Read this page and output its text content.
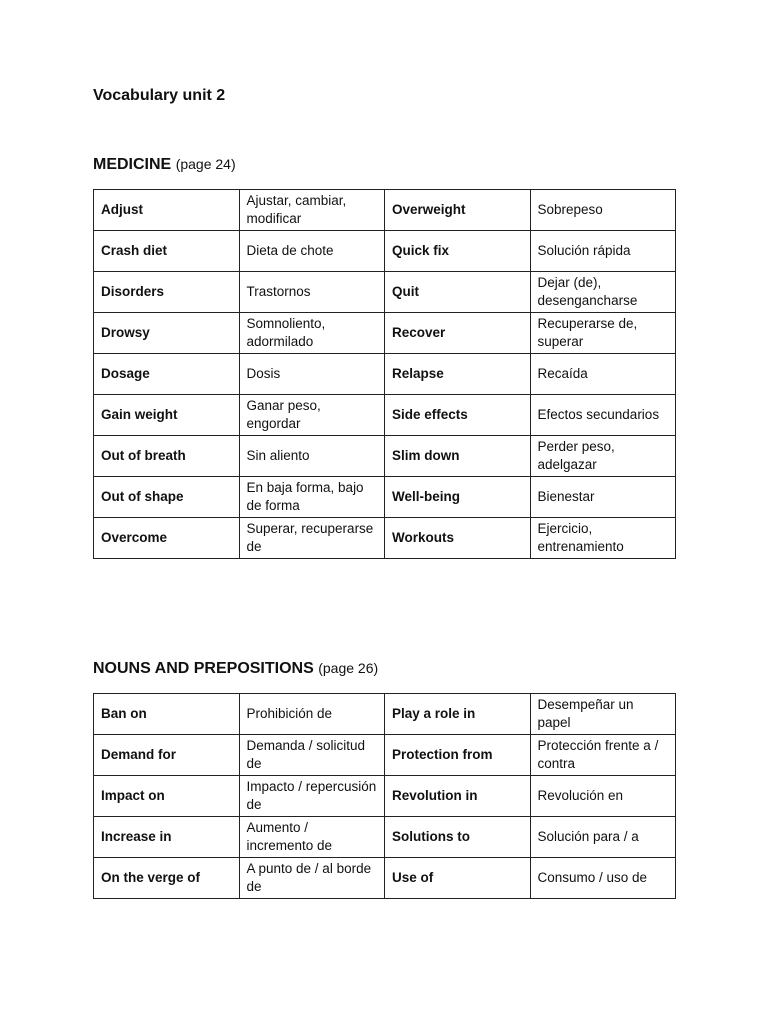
Vocabulary unit 2
MEDICINE (page 24)
Adjust	Ajustar, cambiar, modificar	Overweight	Sobrepeso
Crash diet	Dieta de chote	Quick fix	Solución rápida
Disorders	Trastornos	Quit	Dejar (de), desengancharse
Drowsy	Somnoliento, adormilado	Recover	Recuperarse de, superar
Dosage	Dosis	Relapse	Recaída
Gain weight	Ganar peso, engordar	Side effects	Efectos secundarios
Out of breath	Sin aliento	Slim down	Perder peso, adelgazar
Out of shape	En baja forma, bajo de forma	Well-being	Bienestar
Overcome	Superar, recuperarse de	Workouts	Ejercicio, entrenamiento
NOUNS AND PREPOSITIONS (page 26)
Ban on	Prohibición de	Play a role in	Desempeñar un papel
Demand for	Demanda / solicitud de	Protection from	Protección frente a / contra
Impact on	Impacto / repercusión de	Revolution in	Revolución en
Increase in	Aumento / incremento de	Solutions to	Solución para / a
On the verge of	A punto de / al borde de	Use of	Consumo / uso de
